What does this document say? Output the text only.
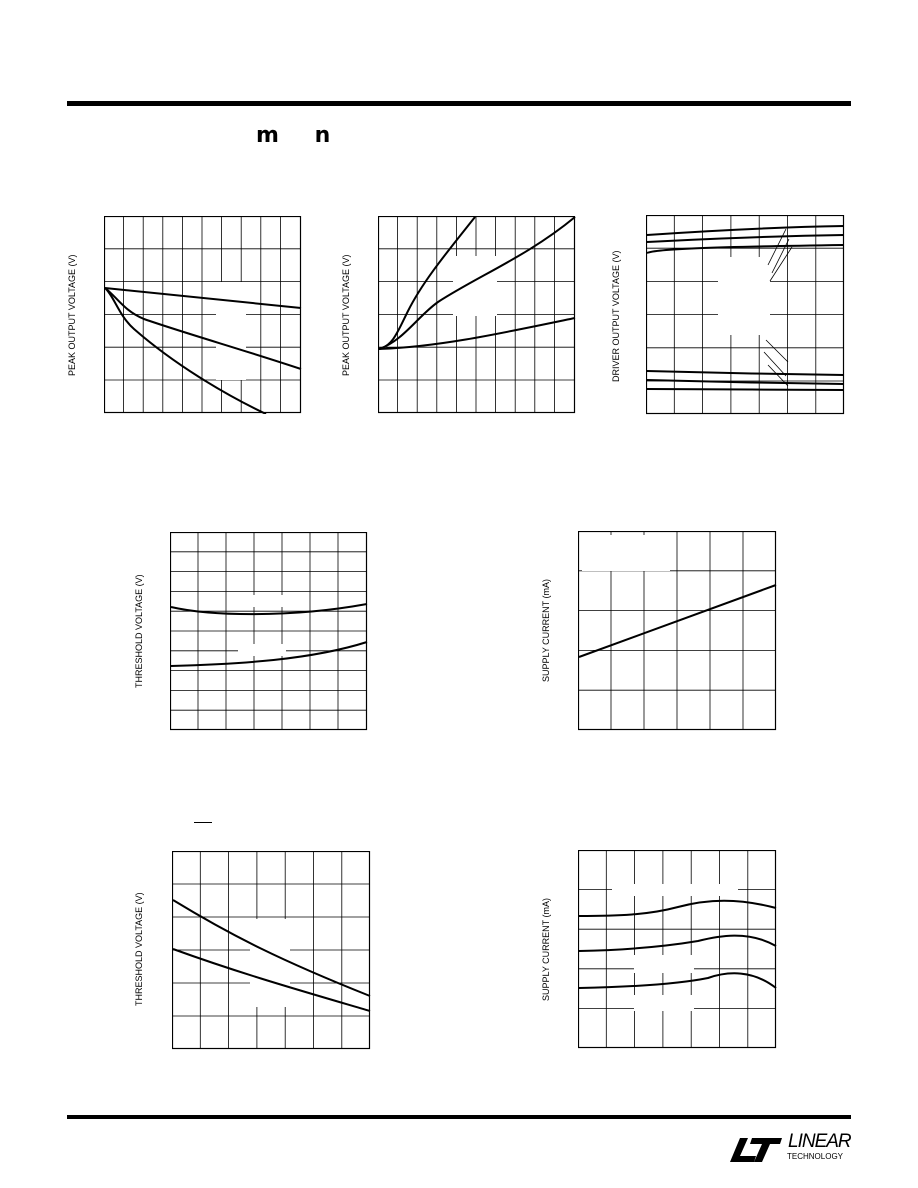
m n
PEAK OUTPUT VOLTAGE (V)	PEAK OUTPUT VOLTAGE (V)	DRIVER OUTPUT VOLTAGE (V)
THRESHOLD VOLTAGE (V)	SUPPLY CURRENT (mA)
THRESHOLD VOLTAGE (V)	SUPPLY CURRENT (mA)
LINEAR
TECHNOLOGY
